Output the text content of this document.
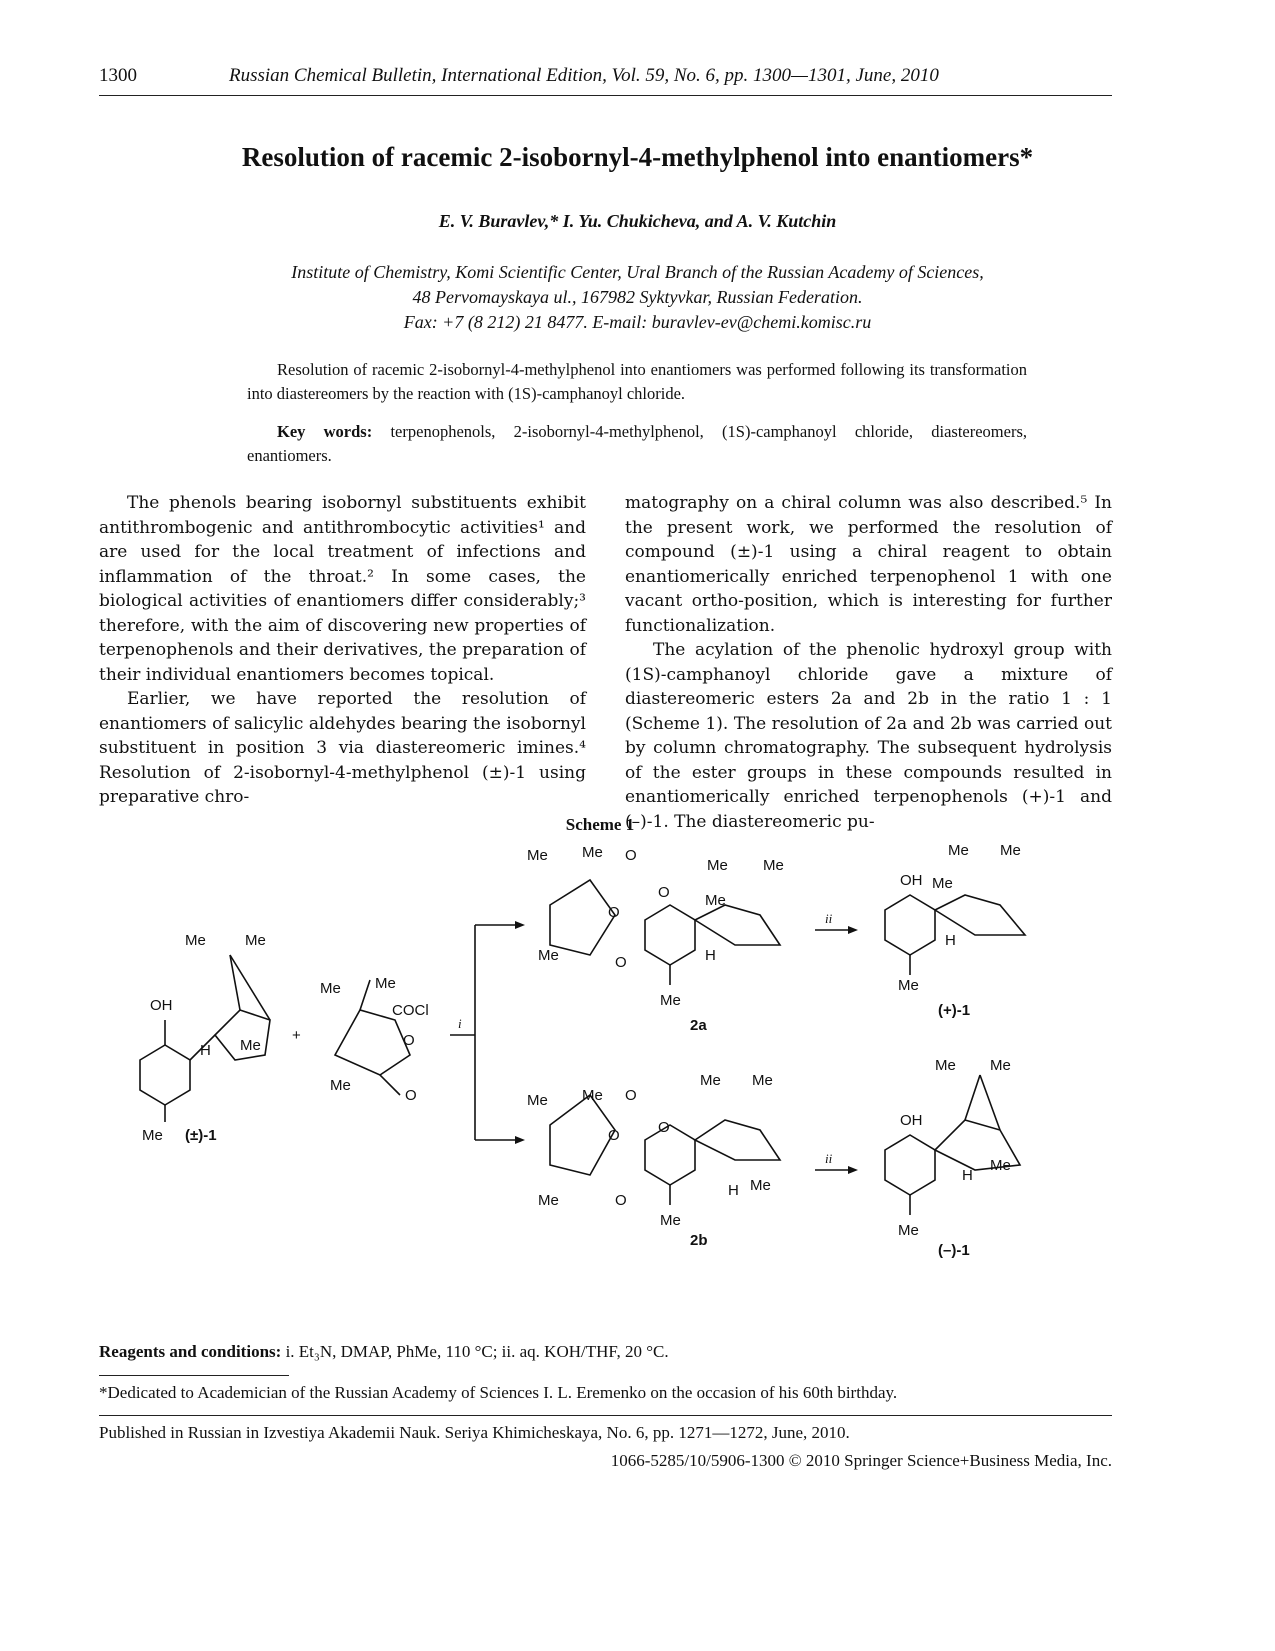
1300	Russian Chemical Bulletin, International Edition, Vol. 59, No. 6, pp. 1300—1301, June, 2010
Resolution of racemic 2-isobornyl-4-methylphenol into enantiomers*
E. V. Buravlev,* I. Yu. Chukicheva, and A. V. Kutchin
Institute of Chemistry, Komi Scientific Center, Ural Branch of the Russian Academy of Sciences,
48 Pervomayskaya ul., 167982 Syktyvkar, Russian Federation.
Fax: +7 (8 212) 21 8477. E-mail: buravlev-ev@chemi.komisc.ru

Resolution of racemic 2-isobornyl-4-methylphenol into enantiomers was performed following its transformation into diastereomers by the reaction with (1S)-camphanoyl chloride.

Key words: terpenophenols, 2-isobornyl-4-methylphenol, (1S)-camphanoyl chloride, diastereomers, enantiomers.

The phenols bearing isobornyl substituents exhibit antithrombogenic and antithrombocytic activities¹ and are used for the local treatment of infections and inflammation of the throat.² In some cases, the biological activities of enantiomers differ considerably;³ therefore, with the aim of discovering new properties of terpenophenols and their derivatives, the preparation of their individual enantiomers becomes topical.

Earlier, we have reported the resolution of enantiomers of salicylic aldehydes bearing the isobornyl substituent in position 3 via diastereomeric imines.⁴ Resolution of 2-isobornyl-4-methylphenol (±)-1 using preparative chro-

matography on a chiral column was also described.⁵ In the present work, we performed the resolution of compound (±)-1 using a chiral reagent to obtain enantiomerically enriched terpenophenol 1 with one vacant ortho-position, which is interesting for further functionalization.

The acylation of the phenolic hydroxyl group with (1S)-camphanoyl chloride gave a mixture of diastereomeric esters 2a and 2b in the ratio 1 : 1 (Scheme 1). The resolution of 2a and 2b was carried out by column chromatography. The subsequent hydrolysis of the ester groups in these compounds resulted in enantiomerically enriched terpenophenols (+)-1 and (–)-1. The diastereomeric pu-

Scheme 1
OH
Me	Me
Me
H
Me (±)-1
+
Me Me
COCl
O
Me
O
i
Me Me O
O
O
O
Me
Me Me
Me
H
Me
2a
ii
OH
Me Me
Me
H
Me
(+)-1
Me Me O
O
O
O
Me
Me Me
Me
H
Me
2b
ii
OH
Me Me
Me
H
Me
(–)-1
Reagents and conditions: i. Et₃N, DMAP, PhMe, 110 °C; ii. aq. KOH/THF, 20 °C.
*Dedicated to Academician of the Russian Academy of Sciences I. L. Eremenko on the occasion of his 60th birthday.
Published in Russian in Izvestiya Akademii Nauk. Seriya Khimicheskaya, No. 6, pp. 1271—1272, June, 2010.
1066-5285/10/5906-1300 © 2010 Springer Science+Business Media, Inc.
